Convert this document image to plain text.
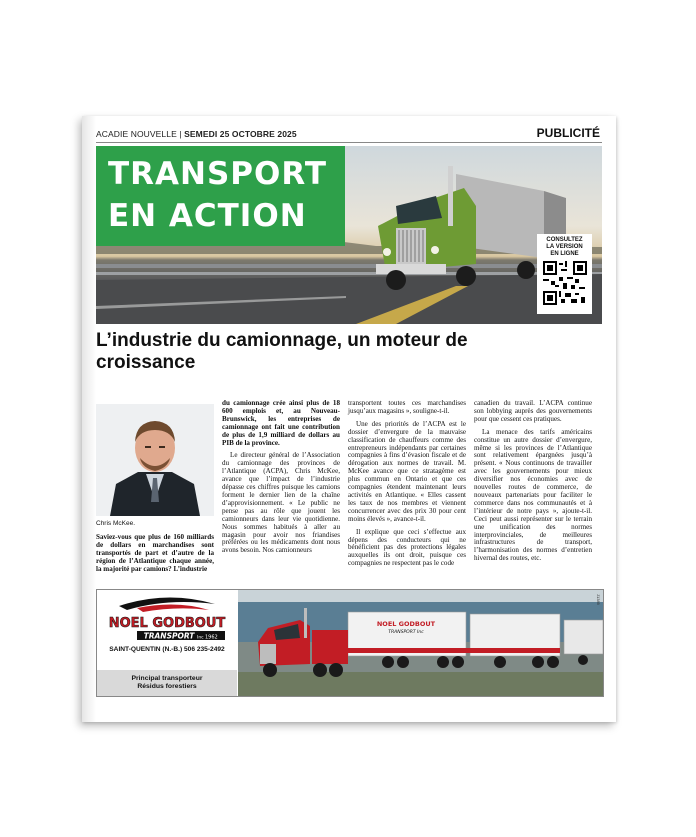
ACADIE NOUVELLE | SEMEDI 25 OCTOBRE 2025	PUBLICITÉ
TRANSPORT
EN ACTION
CONSULTEZ
LA VERSION
EN LIGNE
L’industrie du camionnage, un moteur de croissance
Chris McKee.

Saviez-vous que plus de 160 milliards de dollars en marchandises sont transportés de part et d’autre de la région de l’Atlantique chaque année, la majorité par camions? L’industrie

du camionnage crée ainsi plus de 18 600 emplois et, au Nouveau-Brunswick, les entreprises de camionnage ont fait une contribution de plus de 1,9 milliard de dollars au PIB de la province.

Le directeur général de l’Association du camionnage des provinces de l’Atlantique (ACPA), Chris McKee, avance que l’impact de l’industrie dépasse ces chiffres puisque les camions forment le dernier lien de la chaîne d’approvisionnement. « Le public ne pense pas au rôle que jouent les camionneurs dans leur vie quotidienne. Nous sommes habitués à aller au magasin pour avoir nos friandises préférées ou les médicaments dont nous avons besoin. Nos camionneurs

transportent toutes ces marchandises jusqu’aux magasins », souligne-t-il.

Une des priorités de l’ACPA est le dossier d’envergure de la mauvaise classification de chauffeurs comme des entrepreneurs indépendants par certaines compagnies à fins d’évasion fiscale et de dérogation aux normes de travail. M. McKee avance que ce stratagème est plus commun en Ontario et que ces compagnies étendent maintenant leurs activités en Atlantique. « Elles cassent les taux de nos membres et viennent concurrencer avec des prix 30 pour cent moins élevés », avance-t-il.

Il explique que ceci s’effectue aux dépens des conducteurs qui ne bénéficient pas des protections légales auxquelles ils ont droit, puisque ces compagnies ne respectent pas le code

canadien du travail. L’ACPA continue son lobbying auprès des gouvernements pour que cessent ces pratiques.

La menace des tarifs américains constitue un autre dossier d’envergure, même si les provinces de l’Atlantique sont relativement épargnées jusqu’à présent. « Nous continuons de travailler avec les gouvernements pour mieux diversifier nos économies avec de nouvelles routes de commerce, de nouveaux partenariats pour faciliter le commerce dans nos communautés et à l’intérieur de notre pays », ajoute-t-il. Ceci peut aussi représenter sur le terrain une unification des normes interprovinciales, de meilleures infrastructures de transport, l’harmonisation des normes d’entretien hivernal des routes, etc.

NOEL GODBOUT
TRANSPORT Inc 1962
SAINT-QUENTIN (N.-B.) 506 235-2492
Principal transporteur
Résidus forestiers
NOEL GODBOUT
TRANSPORT Inc
J1389
